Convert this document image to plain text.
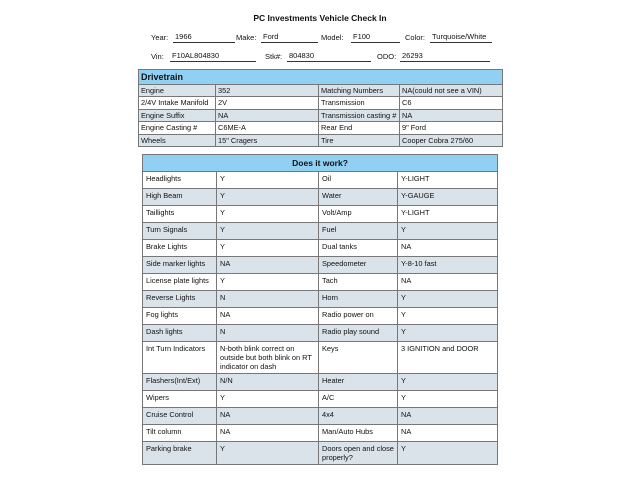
PC Investments Vehicle Check In
Year: 1966	Make: Ford	Model: F100	Color: Turquoise/White
Vin: F10AL804830	Stk#: 804830	ODO: 26293
Drivetrain			
Engine	352	Matching Numbers	NA(could not see a VIN)
2/4V Intake Manifold	2V	Transmission	C6
Engine Suffix	NA	Transmission casting #	NA
Engine Casting #	C6ME-A	Rear End	9" Ford
Wheels	15" Cragers	Tire	Cooper Cobra 275/60
Does it work?			
Headlights	Y	Oil	Y-LIGHT
High Beam	Y	Water	Y-GAUGE
Taillights	Y	Volt/Amp	Y-LIGHT
Turn Signals	Y	Fuel	Y
Brake Lights	Y	Dual tanks	NA
Side marker lights	NA	Speedometer	Y-8-10 fast
License plate lights	Y	Tach	NA
Reverse Lights	N	Horn	Y
Fog lights	NA	Radio power on	Y
Dash lights	N	Radio play sound	Y
Int Turn Indicators	N-both blink correct on outside but both blink on RT indicator on dash	Keys	3 IGNITION and DOOR
Flashers(Int/Ext)	N/N	Heater	Y
Wipers	Y	A/C	Y
Cruise Control	NA	4x4	NA
Tilt column	NA	Man/Auto Hubs	NA
Parking brake	Y	Doors open and close properly?	Y
